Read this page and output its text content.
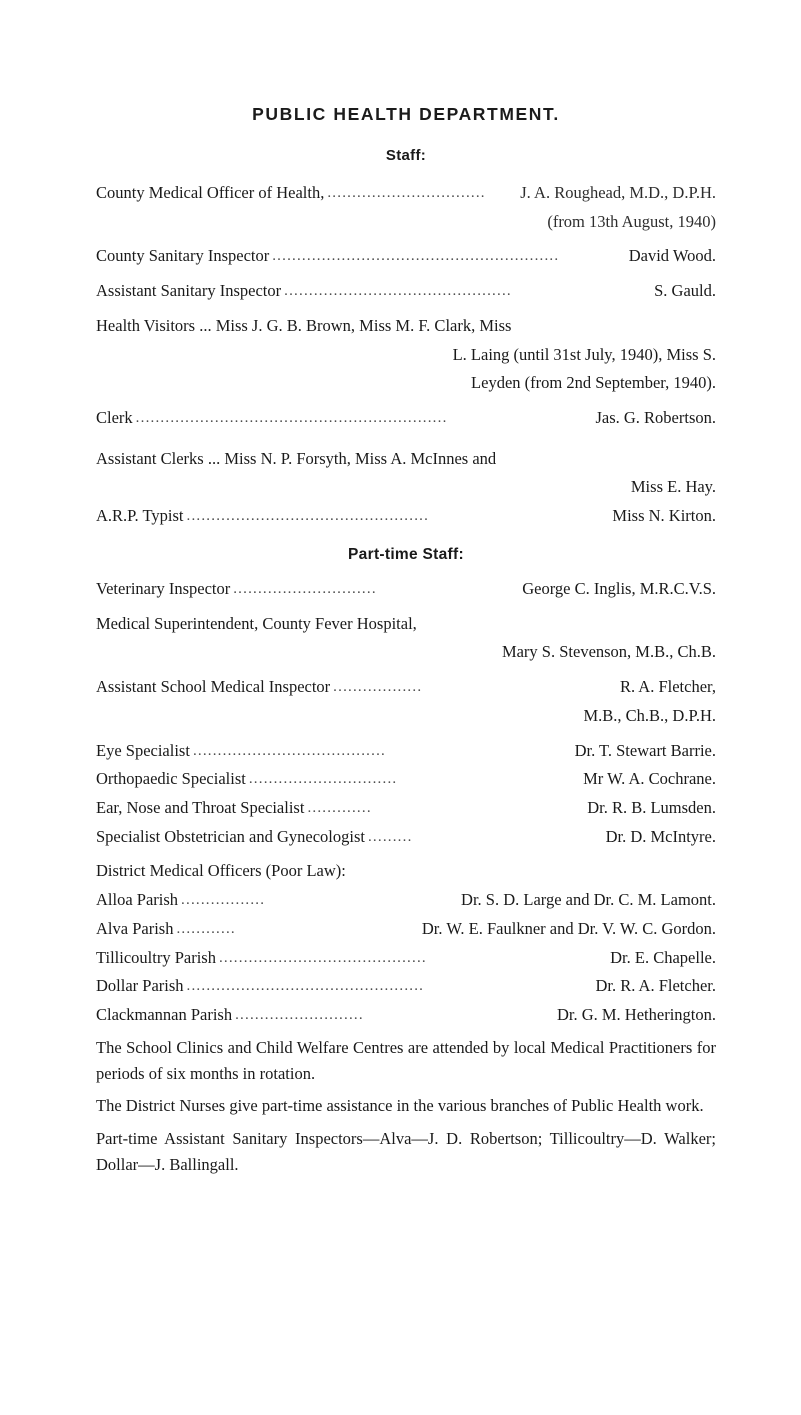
PUBLIC HEALTH DEPARTMENT.
Staff:
County Medical Officer of Health, ................................	J. A. Roughead, M.D., D.P.H.
(from 13th August, 1940)
County Sanitary Inspector ..........................................................	David Wood.
Assistant Sanitary Inspector ..............................................	S. Gauld.
Health Visitors ... Miss J. G. B. Brown, Miss M. F. Clark, Miss
L. Laing (until 31st July, 1940), Miss S.
Leyden (from 2nd September, 1940).
Clerk ...............................................................	Jas. G. Robertson.
Assistant Clerks ... Miss N. P. Forsyth, Miss A. McInnes and
Miss E. Hay.
A.R.P. Typist .................................................	Miss N. Kirton.
Part-time Staff:
Veterinary Inspector .............................	George C. Inglis, M.R.C.V.S.
Medical Superintendent, County Fever Hospital,
Mary S. Stevenson, M.B., Ch.B.
Assistant School Medical Inspector ..................	R. A. Fletcher,
M.B., Ch.B., D.P.H.
Eye Specialist .......................................	Dr. T. Stewart Barrie.
Orthopaedic Specialist ..............................	Mr W. A. Cochrane.
Ear, Nose and Throat Specialist .............	Dr. R. B. Lumsden.
Specialist Obstetrician and Gynecologist .........	Dr. D. McIntyre.
District Medical Officers (Poor Law):
Alloa Parish .................	Dr. S. D. Large and Dr. C. M. Lamont.
Alva Parish ............	Dr. W. E. Faulkner and Dr. V. W. C. Gordon.
Tillicoultry Parish ..........................................	Dr. E. Chapelle.
Dollar Parish ................................................	Dr. R. A. Fletcher.
Clackmannan Parish ..........................	Dr. G. M. Hetherington.
The School Clinics and Child Welfare Centres are attended by local Medical Practitioners for periods of six months in rotation.
The District Nurses give part-time assistance in the various branches of Public Health work.
Part-time Assistant Sanitary Inspectors—Alva—J. D. Robertson; Tillicoultry—D. Walker; Dollar—J. Ballingall.
